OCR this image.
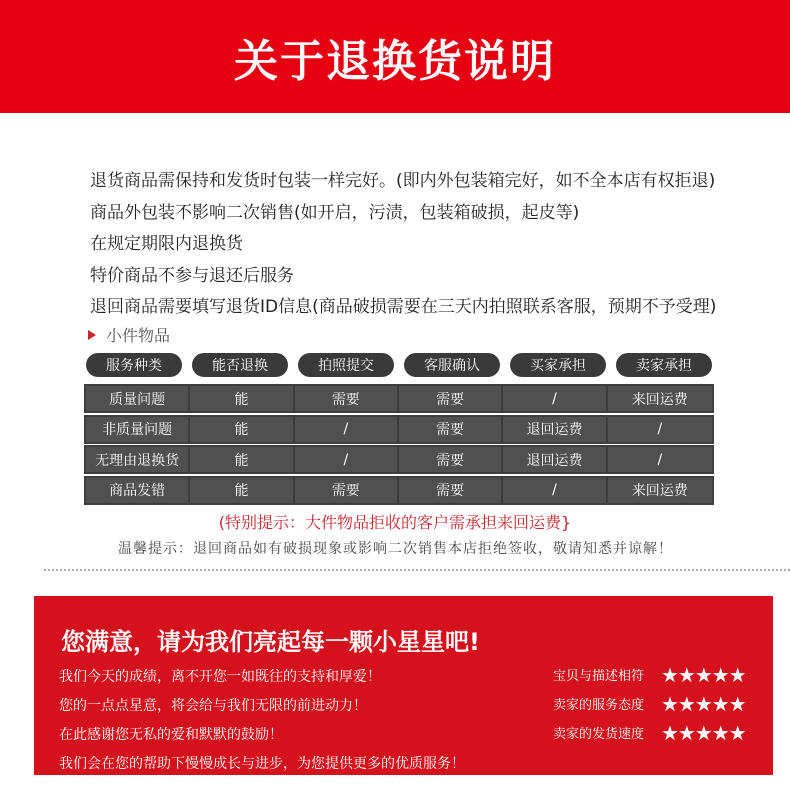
关于退换货说明

退货商品需保持和发货时包装一样完好。(即内外包装箱完好，如不全本店有权拒退)

商品外包装不影响二次销售(如开启，污渍，包装箱破损，起皮等)

在规定期限内退换货

特价商品不参与退还后服务

退回商品需要填写退货ID信息(商品破损需要在三天内拍照联系客服，预期不予受理)

小件物品
服务种类	能否退换	拍照提交	客服确认	买家承担	卖家承担
质量问题	能	需要	需要	/	来回运费
非质量问题	能	/	需要	退回运费	/
无理由退换货	能	/	需要	退回运费	/
商品发错	能	需要	需要	/	来回运费
(特别提示：大件物品拒收的客户需承担来回运费}
温馨提示：退回商品如有破损现象或影响二次销售本店拒绝签收，敬请知悉并谅解！
您满意，请为我们亮起每一颗小星星吧!

我们今天的成绩，离不开您一如既往的支持和厚爱！

您的一点点星意，将会给与我们无限的前进动力！

在此感谢您无私的爱和默默的鼓励！

我们会在您的帮助下慢慢成长与进步，为您提供更多的优质服务！

宝贝与描述相符 ★★★★★
卖家的服务态度 ★★★★★
卖家的发货速度 ★★★★★
